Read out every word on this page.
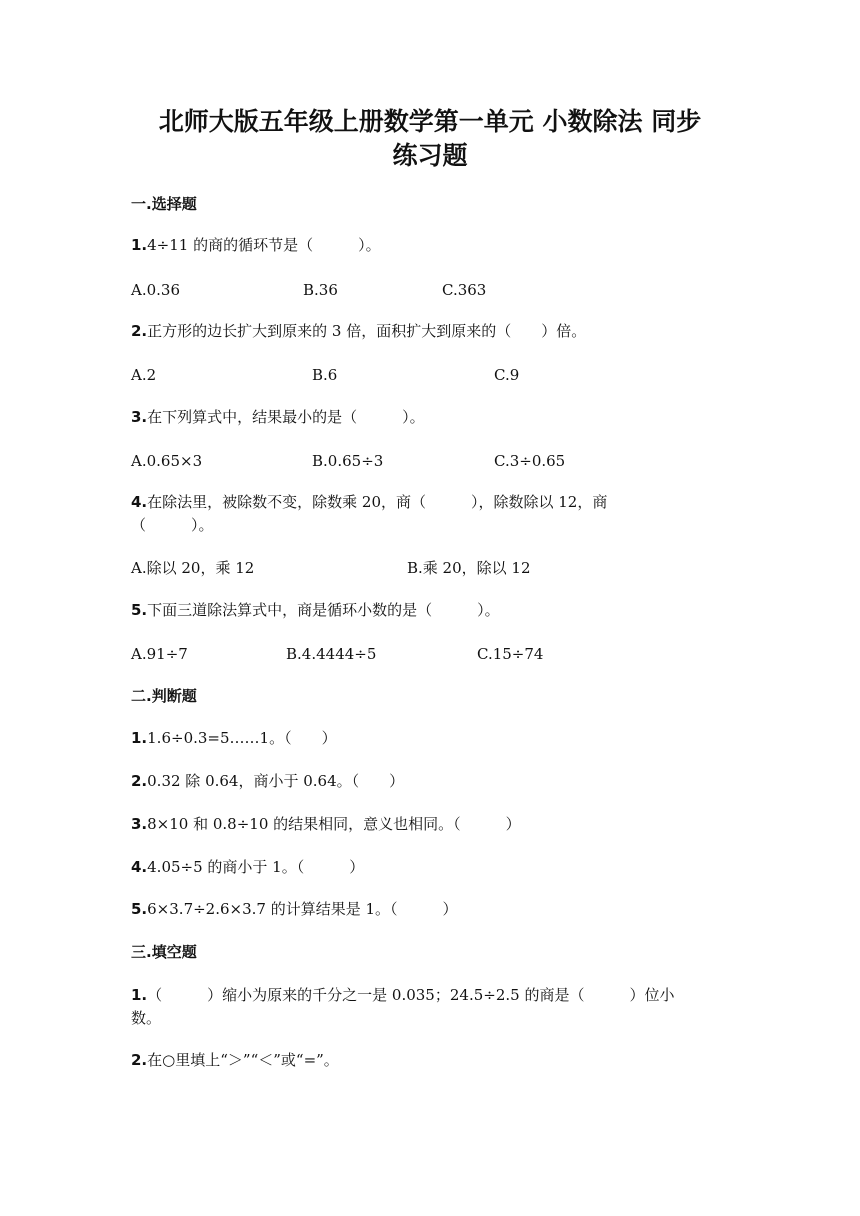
北师大版五年级上册数学第一单元 小数除法 同步
练习题
一.选择题
1.4÷11 的商的循环节是（　　　）。
A.0.36	B.36	C.363
2.正方形的边长扩大到原来的 3 倍，面积扩大到原来的（　　）倍。
A.2	B.6	C.9
3.在下列算式中，结果最小的是（　　　）。
A.0.65×3	B.0.65÷3	C.3÷0.65
4.在除法里，被除数不变，除数乘 20，商（　　　），除数除以 12，商
（　　　）。
A.除以 20，乘 12	B.乘 20，除以 12
5.下面三道除法算式中，商是循环小数的是（　　　）。
A.91÷7	B.4.4444÷5	C.15÷74
二.判断题
1.1.6÷0.3=5……1。（　　）
2.0.32 除 0.64，商小于 0.64。（　　）
3.8×10 和 0.8÷10 的结果相同，意义也相同。（　　　）
4.4.05÷5 的商小于 1。（　　　）
5.6×3.7÷2.6×3.7 的计算结果是 1。（　　　）
三.填空题
1.（　　　）缩小为原来的千分之一是 0.035；24.5÷2.5 的商是（　　　）位小
数。
2.在○里填上“＞”“＜”或“=”。
